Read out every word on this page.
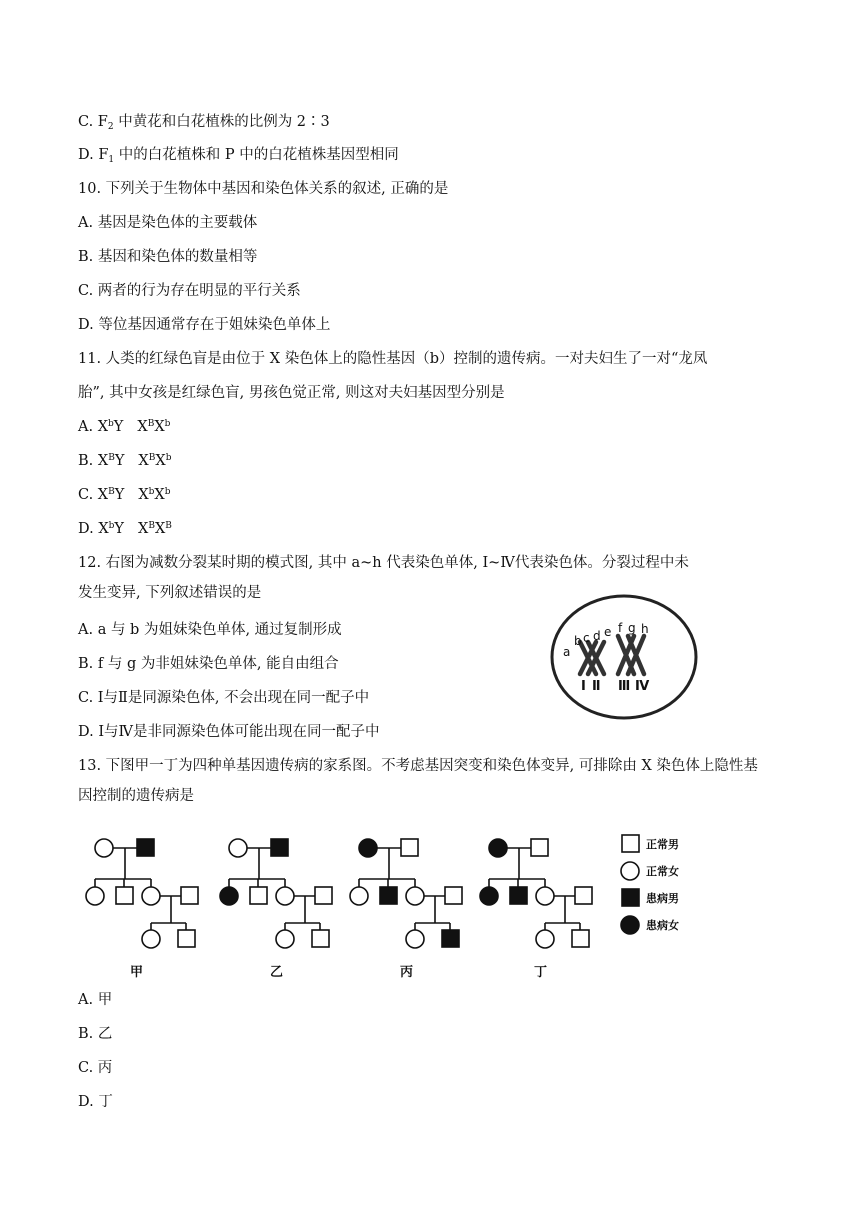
C. $F_2$ 中黄花和白花植株的比例为 2∶3
D. $F_1$ 中的白花植株和 P 中的白花植株基因型相同
10. 下列关于生物体中基因和染色体关系的叙述, 正确的是
A. 基因是染色体的主要载体
B. 基因和染色体的数量相等
C. 两者的行为存在明显的平行关系
D. 等位基因通常存在于姐妹染色单体上
11. 人类的红绿色盲是由位于 X 染色体上的隐性基因（b）控制的遗传病。一对夫妇生了一对“龙凤
胎”, 其中女孩是红绿色盲, 男孩色觉正常, 则这对夫妇基因型分别是
A. $X^bY$ $X^BX^b$
B. $X^BY$ $X^BX^b$
C. $X^BY$ $X^bX^b$
D. $X^bY$ $X^BX^B$
12. 右图为减数分裂某时期的模式图, 其中 a~h 代表染色单体, Ⅰ~Ⅳ代表染色体。分裂过程中未
发生变异, 下列叙述错误的是
A. a 与 b 为姐妹染色单体, 通过复制形成
B. f 与 g 为非姐妹染色单体, 能自由组合
C. Ⅰ与Ⅱ是同源染色体, 不会出现在同一配子中
D. Ⅰ与Ⅳ是非同源染色体可能出现在同一配子中
a
b c d e f g h
Ⅰ Ⅱ Ⅲ Ⅳ
13. 下图甲一丁为四种单基因遗传病的家系图。不考虑基因突变和染色体变异, 可排除由 X 染色体上隐性基
因控制的遗传病是
甲	乙	丙	丁
正常男
正常女
患病男
患病女
A. 甲
B. 乙
C. 丙
D. 丁
